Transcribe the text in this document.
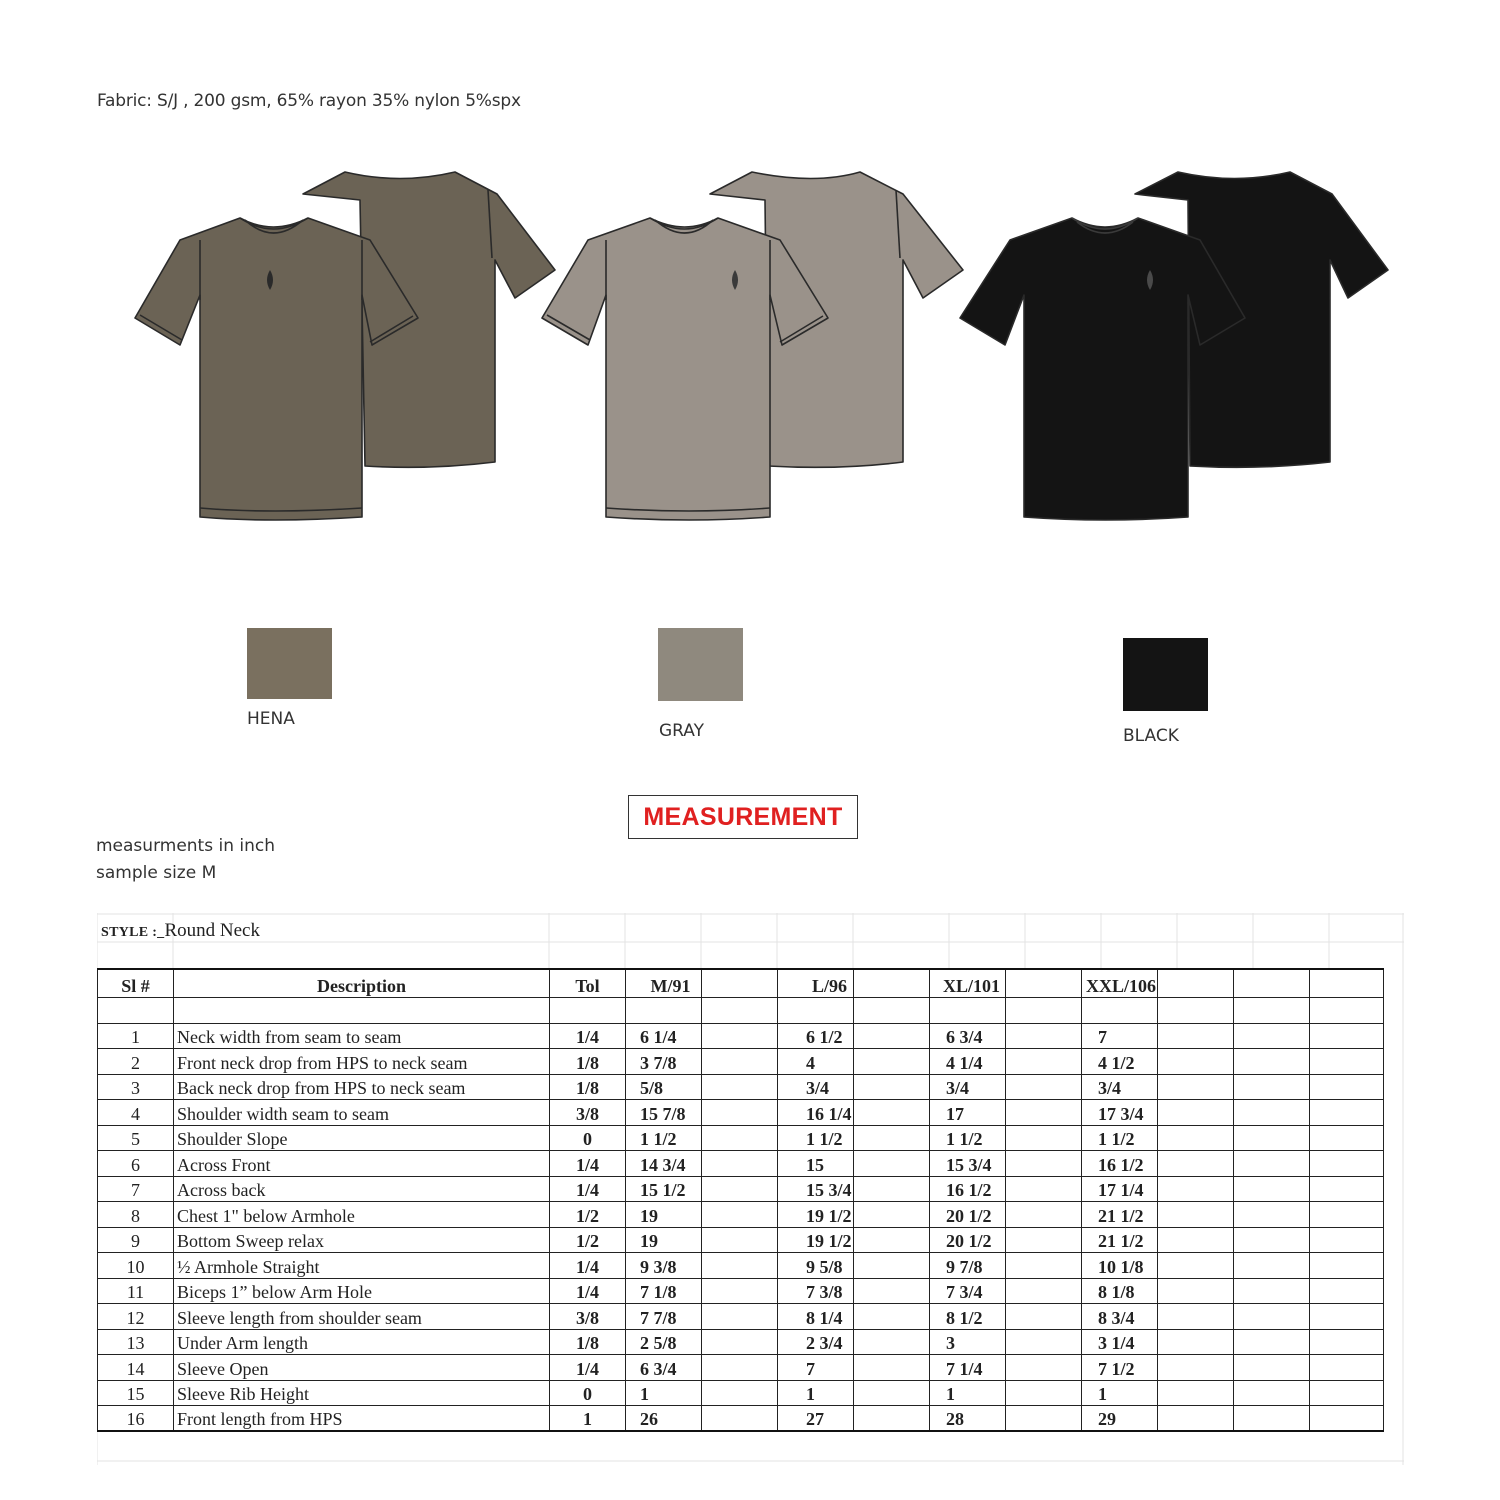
Fabric: S/J , 200 gsm, 65% rayon 35% nylon 5%spx
HENA
GRAY	BLACK
MEASUREMENT
measurments in inch
sample size M
STYLE :_Round Neck
Sl #	Description	Tol	M/91		L/96		XL/101		XXL/106			

1	Neck width from seam to seam	1/4	6 1/4		6 1/2		6 3/4		7			
2	Front neck drop from HPS to neck seam	1/8	3 7/8		4		4 1/4		4 1/2			
3	Back neck drop from HPS to neck seam	1/8	5/8		3/4		3/4		3/4			
4	Shoulder width seam to seam	3/8	15 7/8		16 1/4		17		17 3/4			
5	Shoulder Slope	0	1 1/2		1 1/2		1 1/2		1 1/2			
6	Across Front	1/4	14 3/4		15		15 3/4		16 1/2			
7	Across back	1/4	15 1/2		15 3/4		16 1/2		17 1/4			
8	Chest 1" below Armhole	1/2	19		19 1/2		20 1/2		21 1/2			
9	Bottom Sweep relax	1/2	19		19 1/2		20 1/2		21 1/2			
10	½ Armhole Straight	1/4	9 3/8		9 5/8		9 7/8		10 1/8			
11	Biceps 1” below Arm Hole	1/4	7 1/8		7 3/8		7 3/4		8 1/8			
12	Sleeve length from shoulder seam	3/8	7 7/8		8 1/4		8 1/2		8 3/4			
13	Under Arm length	1/8	2 5/8		2 3/4		3		3 1/4			
14	Sleeve Open	1/4	6 3/4		7		7 1/4		7 1/2			
15	Sleeve Rib Height	0	1		1		1		1			
16	Front length from HPS	1	26		27		28		29			
